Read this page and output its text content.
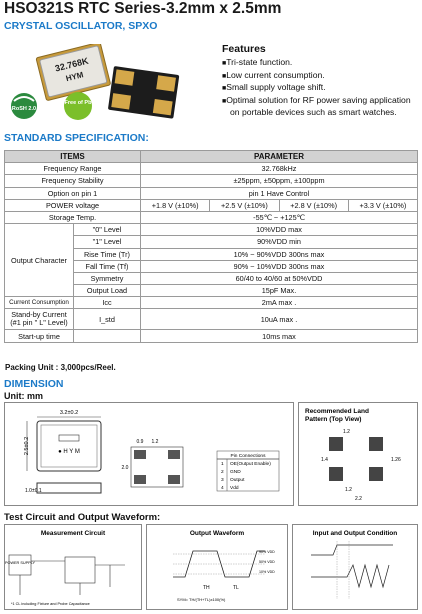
HSO321S RTC Series-3.2mm x 2.5mm
CRYSTAL OSCILLATOR, SPXO
32.768K
HYM
RoSH 2.0
Free of Pb
Features
■Tri-state function.
■Low current consumption.
■Small supply voltage shift.
■Optimal solution for RF power saving application on portable devices such as smart watches.
STANDARD SPECIFICATION:
ITEMS		PARAMETER			
Frequency Range		32.768kHz			
Frequency Stability		±25ppm, ±50ppm, ±100ppm			
Option on pin 1		pin 1 Have Control			
POWER voltage		+1.8 V (±10%)	+2.5 V (±10%)	+2.8 V (±10%)	+3.3 V (±10%)
Storage Temp.		-55℃ ~ +125℃			
Output Character	"0" Level	10%VDD max			
	"1" Level	90%VDD min			
	Rise Time (Tr)	10% ~ 90%VDD 300ns max			
	Fall Time (Tf)	90% ~ 10%VDD 300ns max			
	Symmetry	60/40 to 40/60 at 50%VDD			
	Output Load	15pF Max.			
Current Consumption	Icc	2mA max .			
Stand-by Current (#1 pin " L" Level)	I_std	10uA max .			
Start-up time		10ms max			
Packing Unit : 3,000pcs/Reel.
DIMENSION
Unit: mm
3.2±0.2
● H Y M
2.5±0.2
1.0±0.1
0.9 1.2
2.0
Pin Connections
1 OE(Output Enable)
2 GND
3 Output
4 Vdd
Recommended Land
Pattern (Top View)
1.2
1.4	1.26
1.2
2.2
Test Circuit and Output Waveform:
Measurement Circuit
POWER SUPPLY
*1 CL including Fixture and Probe Capacitance
Output Waveform
90% VDD
50% VDD
10% VDD
TH	TL
SYM= TH/(TH+TL)x100(%)
Input and Output Condition
